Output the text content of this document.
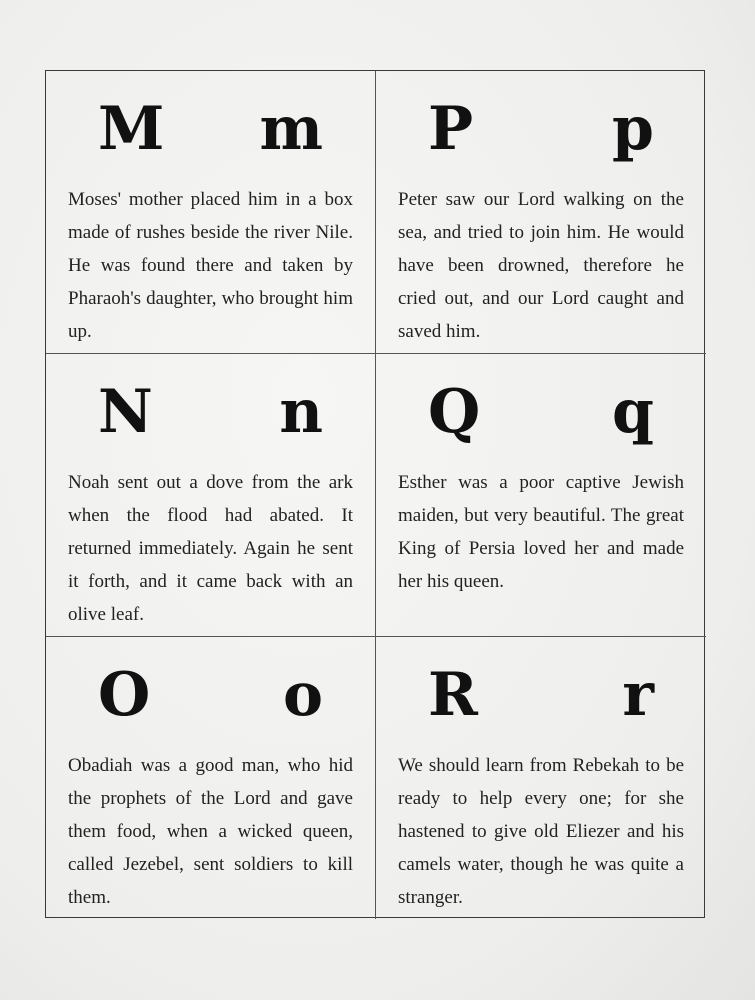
M m
Moses' mother placed him in a box made of rushes beside the river Nile. He was found there and taken by Pharaoh's daughter, who brought him up.
P p
Peter saw our Lord walking on the sea, and tried to join him. He would have been drowned, therefore he cried out, and our Lord caught and saved him.
N n
Noah sent out a dove from the ark when the flood had abated. It returned immediately. Again he sent it forth, and it came back with an olive leaf.
Q q
Esther was a poor captive Jewish maiden, but very beautiful. The great King of Persia loved her and made her his queen.
O o
Obadiah was a good man, who hid the prophets of the Lord and gave them food, when a wicked queen, called Jezebel, sent soldiers to kill them.
R r
We should learn from Rebekah to be ready to help every one; for she hastened to give old Eliezer and his camels water, though he was quite a stranger.
